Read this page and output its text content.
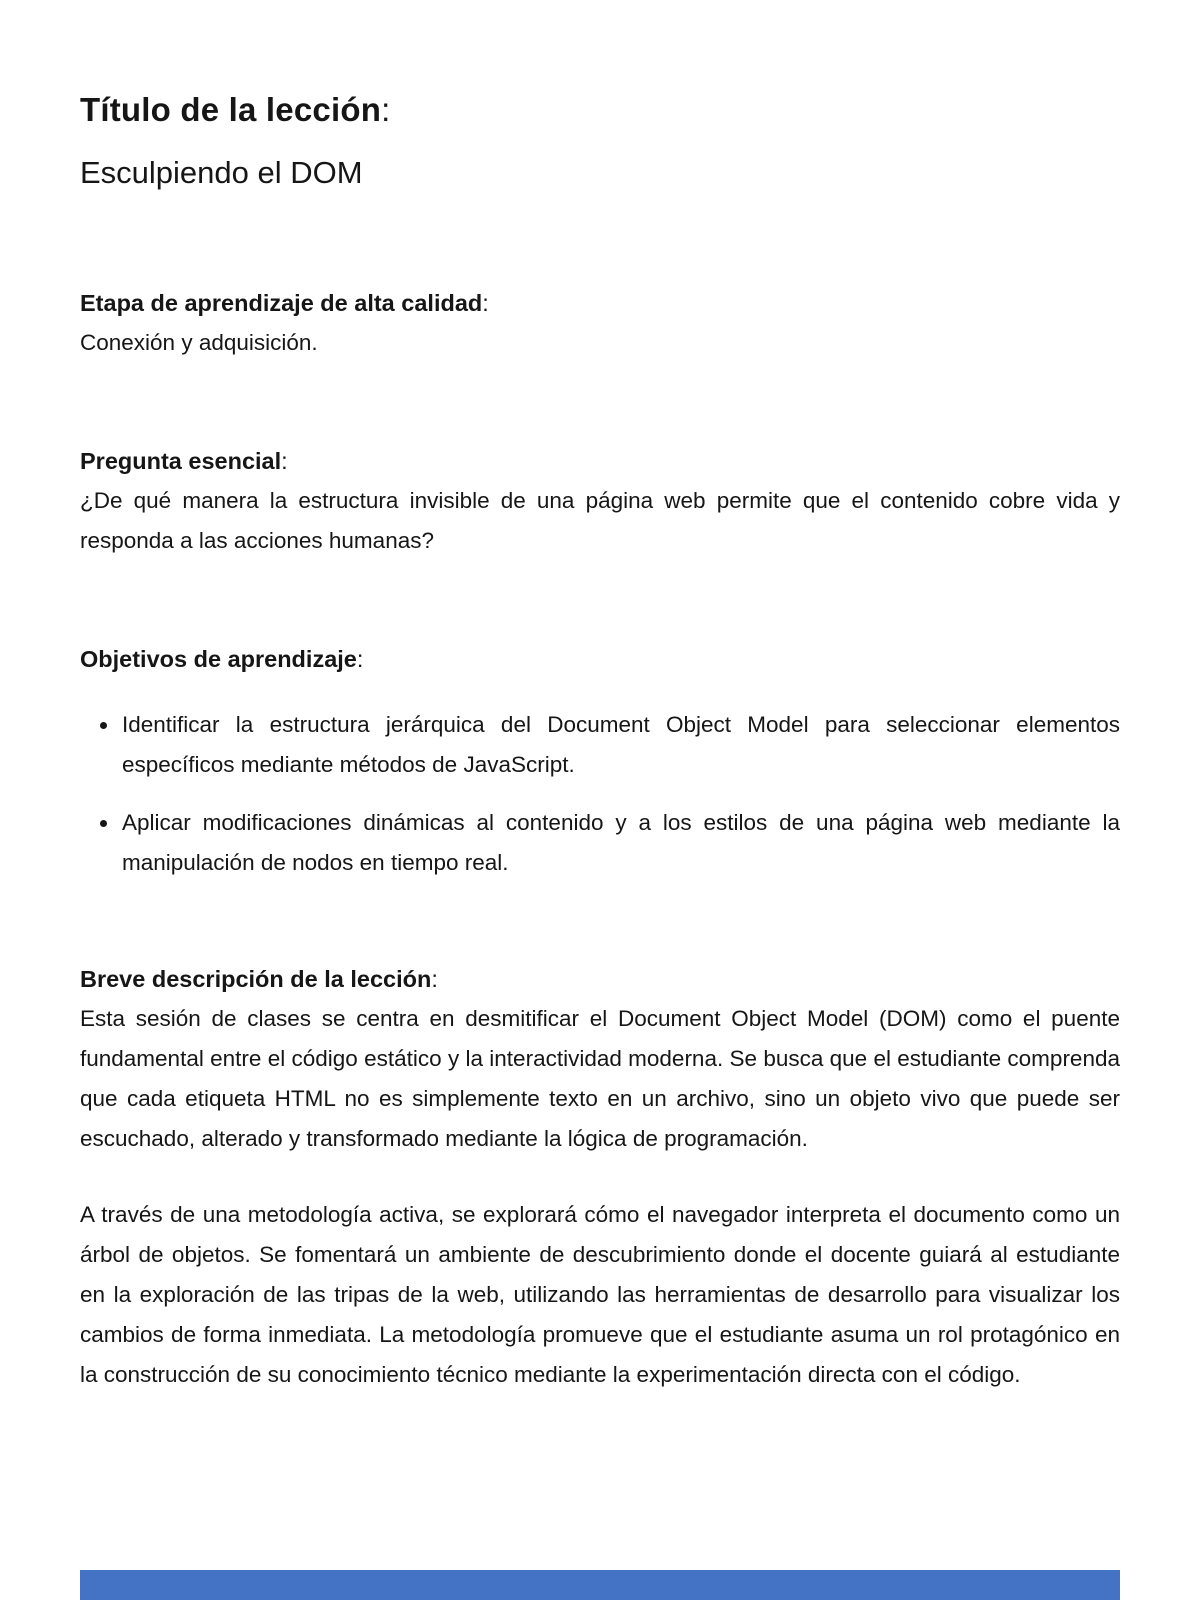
Título de la lección:
Esculpiendo el DOM
Etapa de aprendizaje de alta calidad:
Conexión y adquisición.
Pregunta esencial:
¿De qué manera la estructura invisible de una página web permite que el contenido cobre vida y responda a las acciones humanas?
Objetivos de aprendizaje:
• Identificar la estructura jerárquica del Document Object Model para seleccionar elementos específicos mediante métodos de JavaScript.
• Aplicar modificaciones dinámicas al contenido y a los estilos de una página web mediante la manipulación de nodos en tiempo real.
Breve descripción de la lección:
Esta sesión de clases se centra en desmitificar el Document Object Model (DOM) como el puente fundamental entre el código estático y la interactividad moderna. Se busca que el estudiante comprenda que cada etiqueta HTML no es simplemente texto en un archivo, sino un objeto vivo que puede ser escuchado, alterado y transformado mediante la lógica de programación.
A través de una metodología activa, se explorará cómo el navegador interpreta el documento como un árbol de objetos. Se fomentará un ambiente de descubrimiento donde el docente guiará al estudiante en la exploración de las tripas de la web, utilizando las herramientas de desarrollo para visualizar los cambios de forma inmediata. La metodología promueve que el estudiante asuma un rol protagónico en la construcción de su conocimiento técnico mediante la experimentación directa con el código.
